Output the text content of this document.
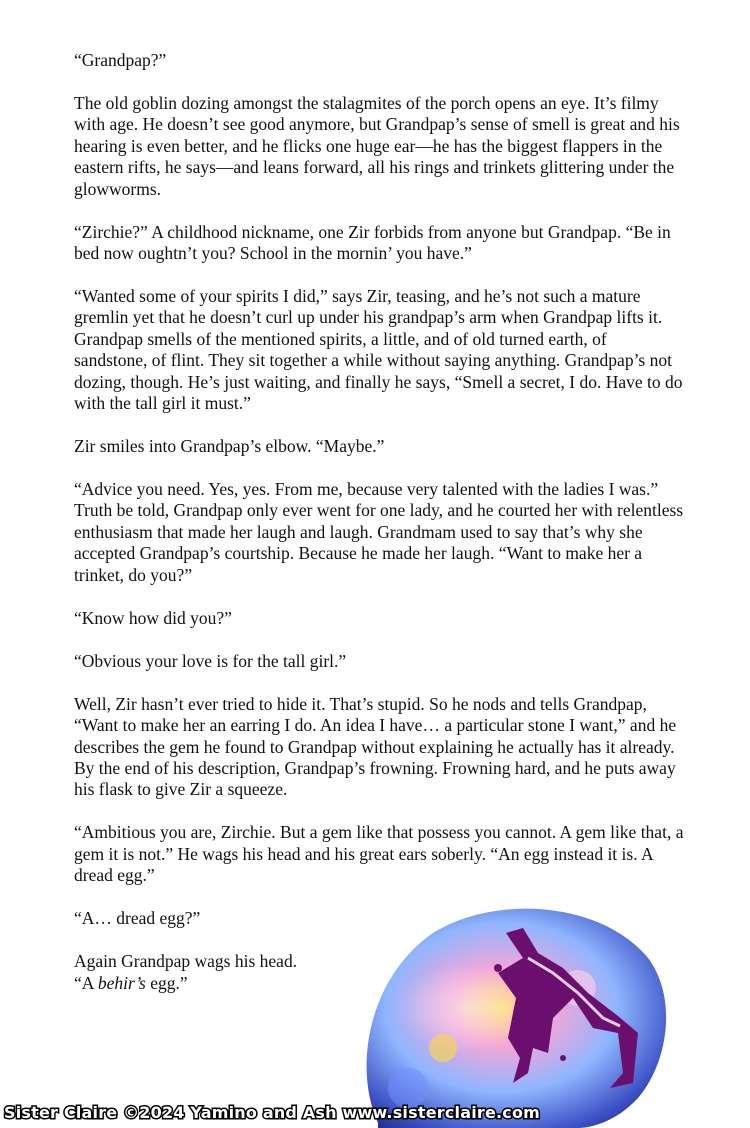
“Grandpap?”

The old goblin dozing amongst the stalagmites of the porch opens an eye. It’s filmy with age. He doesn’t see good anymore, but Grandpap’s sense of smell is great and his hearing is even better, and he flicks one huge ear—he has the biggest flappers in the eastern rifts, he says—and leans forward, all his rings and trinkets glittering under the glowworms.

“Zirchie?” A childhood nickname, one Zir forbids from anyone but Grandpap. “Be in bed now oughtn’t you? School in the mornin’ you have.”

“Wanted some of your spirits I did,” says Zir, teasing, and he’s not such a mature gremlin yet that he doesn’t curl up under his grandpap’s arm when Grandpap lifts it. Grandpap smells of the mentioned spirits, a little, and of old turned earth, of sandstone, of flint. They sit together a while without saying anything. Grandpap’s not dozing, though. He’s just waiting, and finally he says, “Smell a secret, I do. Have to do with the tall girl it must.”

Zir smiles into Grandpap’s elbow. “Maybe.”

“Advice you need. Yes, yes. From me, because very talented with the ladies I was.” Truth be told, Grandpap only ever went for one lady, and he courted her with relentless enthusiasm that made her laugh and laugh. Grandmam used to say that’s why she accepted Grandpap’s courtship. Because he made her laugh. “Want to make her a trinket, do you?”

“Know how did you?”

“Obvious your love is for the tall girl.”

Well, Zir hasn’t ever tried to hide it. That’s stupid. So he nods and tells Grandpap, “Want to make her an earring I do. An idea I have… a particular stone I want,” and he describes the gem he found to Grandpap without explaining he actually has it already. By the end of his description, Grandpap’s frowning. Frowning hard, and he puts away his flask to give Zir a squeeze.

“Ambitious you are, Zirchie. But a gem like that possess you cannot. A gem like that, a gem it is not.” He wags his head and his great ears soberly. “An egg instead it is. A dread egg.”

“A… dread egg?”

Again Grandpap wags his head.
“A behir’s egg.”

Sister Claire ©2024 Yamino and Ash www.sisterclaire.com
